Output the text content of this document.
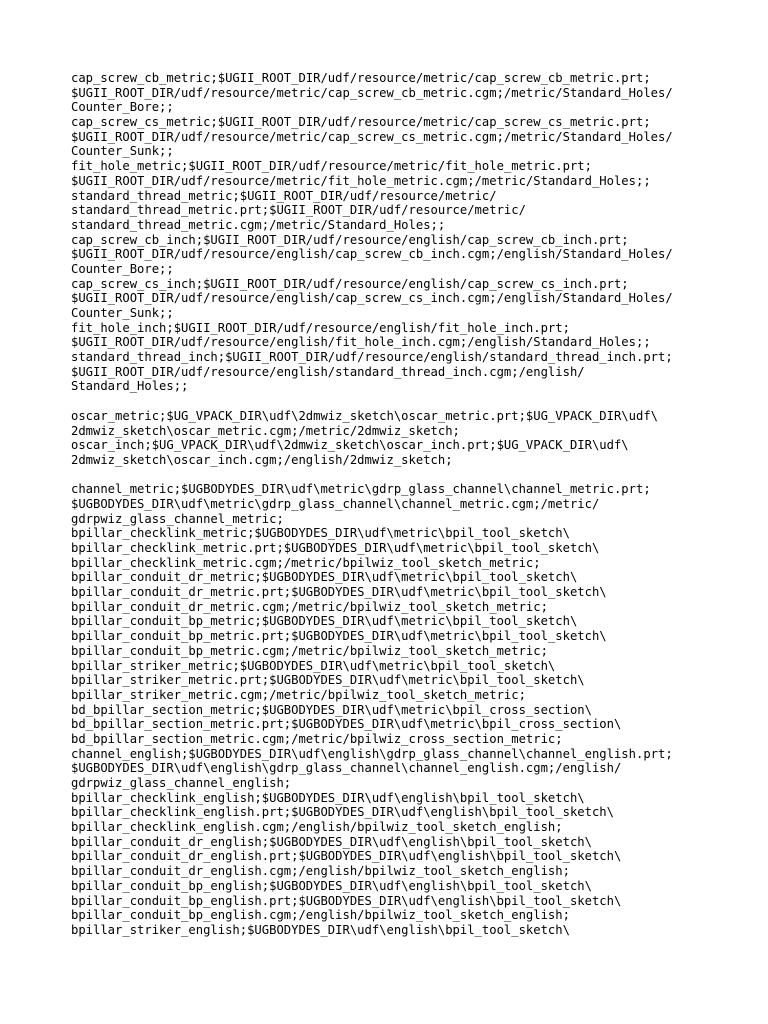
cap_screw_cb_metric;$UGII_ROOT_DIR/udf/resource/metric/cap_screw_cb_metric.prt;
$UGII_ROOT_DIR/udf/resource/metric/cap_screw_cb_metric.cgm;/metric/Standard_Holes/
Counter_Bore;;
cap_screw_cs_metric;$UGII_ROOT_DIR/udf/resource/metric/cap_screw_cs_metric.prt;
$UGII_ROOT_DIR/udf/resource/metric/cap_screw_cs_metric.cgm;/metric/Standard_Holes/
Counter_Sunk;;
fit_hole_metric;$UGII_ROOT_DIR/udf/resource/metric/fit_hole_metric.prt;
$UGII_ROOT_DIR/udf/resource/metric/fit_hole_metric.cgm;/metric/Standard_Holes;;
standard_thread_metric;$UGII_ROOT_DIR/udf/resource/metric/
standard_thread_metric.prt;$UGII_ROOT_DIR/udf/resource/metric/
standard_thread_metric.cgm;/metric/Standard_Holes;;
cap_screw_cb_inch;$UGII_ROOT_DIR/udf/resource/english/cap_screw_cb_inch.prt;
$UGII_ROOT_DIR/udf/resource/english/cap_screw_cb_inch.cgm;/english/Standard_Holes/
Counter_Bore;;
cap_screw_cs_inch;$UGII_ROOT_DIR/udf/resource/english/cap_screw_cs_inch.prt;
$UGII_ROOT_DIR/udf/resource/english/cap_screw_cs_inch.cgm;/english/Standard_Holes/
Counter_Sunk;;
fit_hole_inch;$UGII_ROOT_DIR/udf/resource/english/fit_hole_inch.prt;
$UGII_ROOT_DIR/udf/resource/english/fit_hole_inch.cgm;/english/Standard_Holes;;
standard_thread_inch;$UGII_ROOT_DIR/udf/resource/english/standard_thread_inch.prt;
$UGII_ROOT_DIR/udf/resource/english/standard_thread_inch.cgm;/english/
Standard_Holes;;
oscar_metric;$UG_VPACK_DIR\udf\2dmwiz_sketch\oscar_metric.prt;$UG_VPACK_DIR\udf\
2dmwiz_sketch\oscar_metric.cgm;/metric/2dmwiz_sketch;
oscar_inch;$UG_VPACK_DIR\udf\2dmwiz_sketch\oscar_inch.prt;$UG_VPACK_DIR\udf\
2dmwiz_sketch\oscar_inch.cgm;/english/2dmwiz_sketch;
channel_metric;$UGBODYDES_DIR\udf\metric\gdrp_glass_channel\channel_metric.prt;
$UGBODYDES_DIR\udf\metric\gdrp_glass_channel\channel_metric.cgm;/metric/
gdrpwiz_glass_channel_metric;
bpillar_checklink_metric;$UGBODYDES_DIR\udf\metric\bpil_tool_sketch\
bpillar_checklink_metric.prt;$UGBODYDES_DIR\udf\metric\bpil_tool_sketch\
bpillar_checklink_metric.cgm;/metric/bpilwiz_tool_sketch_metric;
bpillar_conduit_dr_metric;$UGBODYDES_DIR\udf\metric\bpil_tool_sketch\
bpillar_conduit_dr_metric.prt;$UGBODYDES_DIR\udf\metric\bpil_tool_sketch\
bpillar_conduit_dr_metric.cgm;/metric/bpilwiz_tool_sketch_metric;
bpillar_conduit_bp_metric;$UGBODYDES_DIR\udf\metric\bpil_tool_sketch\
bpillar_conduit_bp_metric.prt;$UGBODYDES_DIR\udf\metric\bpil_tool_sketch\
bpillar_conduit_bp_metric.cgm;/metric/bpilwiz_tool_sketch_metric;
bpillar_striker_metric;$UGBODYDES_DIR\udf\metric\bpil_tool_sketch\
bpillar_striker_metric.prt;$UGBODYDES_DIR\udf\metric\bpil_tool_sketch\
bpillar_striker_metric.cgm;/metric/bpilwiz_tool_sketch_metric;
bd_bpillar_section_metric;$UGBODYDES_DIR\udf\metric\bpil_cross_section\
bd_bpillar_section_metric.prt;$UGBODYDES_DIR\udf\metric\bpil_cross_section\
bd_bpillar_section_metric.cgm;/metric/bpilwiz_cross_section_metric;
channel_english;$UGBODYDES_DIR\udf\english\gdrp_glass_channel\channel_english.prt;
$UGBODYDES_DIR\udf\english\gdrp_glass_channel\channel_english.cgm;/english/
gdrpwiz_glass_channel_english;
bpillar_checklink_english;$UGBODYDES_DIR\udf\english\bpil_tool_sketch\
bpillar_checklink_english.prt;$UGBODYDES_DIR\udf\english\bpil_tool_sketch\
bpillar_checklink_english.cgm;/english/bpilwiz_tool_sketch_english;
bpillar_conduit_dr_english;$UGBODYDES_DIR\udf\english\bpil_tool_sketch\
bpillar_conduit_dr_english.prt;$UGBODYDES_DIR\udf\english\bpil_tool_sketch\
bpillar_conduit_dr_english.cgm;/english/bpilwiz_tool_sketch_english;
bpillar_conduit_bp_english;$UGBODYDES_DIR\udf\english\bpil_tool_sketch\
bpillar_conduit_bp_english.prt;$UGBODYDES_DIR\udf\english\bpil_tool_sketch\
bpillar_conduit_bp_english.cgm;/english/bpilwiz_tool_sketch_english;
bpillar_striker_english;$UGBODYDES_DIR\udf\english\bpil_tool_sketch\
